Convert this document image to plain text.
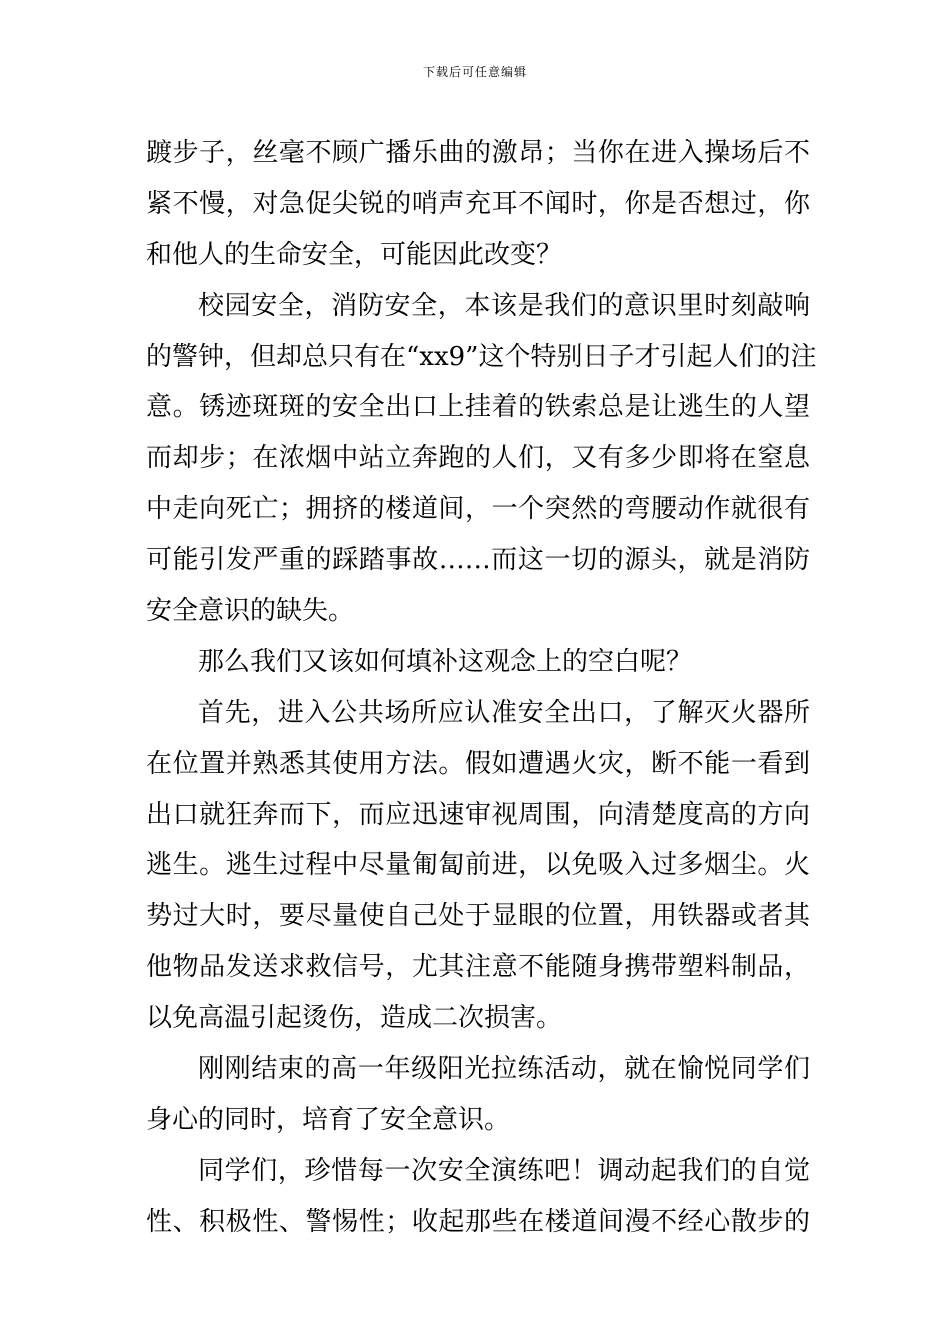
下载后可任意编辑
踱步子，丝毫不顾广播乐曲的激昂；当你在进入操场后不
紧不慢，对急促尖锐的哨声充耳不闻时，你是否想过，你
和他人的生命安全，可能因此改变？
校园安全，消防安全，本该是我们的意识里时刻敲响
的警钟，但却总只有在“xx9”这个特别日子才引起人们的注
意。锈迹斑斑的安全出口上挂着的铁索总是让逃生的人望
而却步；在浓烟中站立奔跑的人们，又有多少即将在窒息
中走向死亡；拥挤的楼道间，一个突然的弯腰动作就很有
可能引发严重的踩踏事故……而这一切的源头，就是消防
安全意识的缺失。
那么我们又该如何填补这观念上的空白呢？
首先，进入公共场所应认准安全出口，了解灭火器所
在位置并熟悉其使用方法。假如遭遇火灾，断不能一看到
出口就狂奔而下，而应迅速审视周围，向清楚度高的方向
逃生。逃生过程中尽量匍匐前进，以免吸入过多烟尘。火
势过大时，要尽量使自己处于显眼的位置，用铁器或者其
他物品发送求救信号，尤其注意不能随身携带塑料制品，
以免高温引起烫伤，造成二次损害。
刚刚结束的高一年级阳光拉练活动，就在愉悦同学们
身心的同时，培育了安全意识。
同学们，珍惜每一次安全演练吧！调动起我们的自觉
性、积极性、警惕性；收起那些在楼道间漫不经心散步的
